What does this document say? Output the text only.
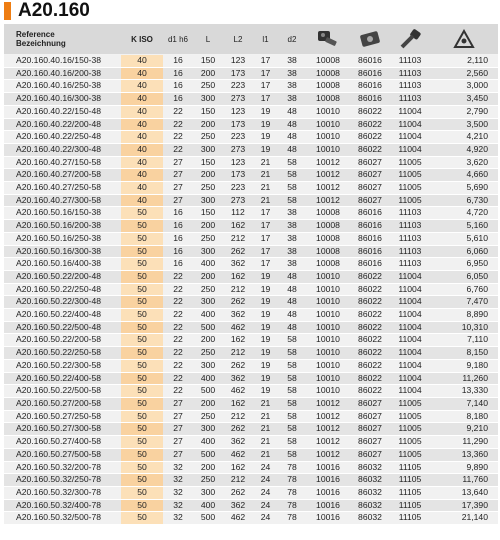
A20.160
Reference
Bezeichnung	K ISO	d1 h6	L	L2	l1	d2				
A20.160.40.16/150-38	40	16	150	123	17	38	10008	86016	11103	2,110
A20.160.40.16/200-38	40	16	200	173	17	38	10008	86016	11103	2,560
A20.160.40.16/250-38	40	16	250	223	17	38	10008	86016	11103	3,000
A20.160.40.16/300-38	40	16	300	273	17	38	10008	86016	11103	3,450
A20.160.40.22/150-48	40	22	150	123	19	48	10010	86022	11004	2,790
A20.160.40.22/200-48	40	22	200	173	19	48	10010	86022	11004	3,500
A20.160.40.22/250-48	40	22	250	223	19	48	10010	86022	11004	4,210
A20.160.40.22/300-48	40	22	300	273	19	48	10010	86022	11004	4,920
A20.160.40.27/150-58	40	27	150	123	21	58	10012	86027	11005	3,620
A20.160.40.27/200-58	40	27	200	173	21	58	10012	86027	11005	4,660
A20.160.40.27/250-58	40	27	250	223	21	58	10012	86027	11005	5,690
A20.160.40.27/300-58	40	27	300	273	21	58	10012	86027	11005	6,730
A20.160.50.16/150-38	50	16	150	112	17	38	10008	86016	11103	4,720
A20.160.50.16/200-38	50	16	200	162	17	38	10008	86016	11103	5,160
A20.160.50.16/250-38	50	16	250	212	17	38	10008	86016	11103	5,610
A20.160.50.16/300-38	50	16	300	262	17	38	10008	86016	11103	6,060
A20.160.50.16/400-38	50	16	400	362	17	38	10008	86016	11103	6,950
A20.160.50.22/200-48	50	22	200	162	19	48	10010	86022	11004	6,050
A20.160.50.22/250-48	50	22	250	212	19	48	10010	86022	11004	6,760
A20.160.50.22/300-48	50	22	300	262	19	48	10010	86022	11004	7,470
A20.160.50.22/400-48	50	22	400	362	19	48	10010	86022	11004	8,890
A20.160.50.22/500-48	50	22	500	462	19	48	10010	86022	11004	10,310
A20.160.50.22/200-58	50	22	200	162	19	58	10010	86022	11004	7,110
A20.160.50.22/250-58	50	22	250	212	19	58	10010	86022	11004	8,150
A20.160.50.22/300-58	50	22	300	262	19	58	10010	86022	11004	9,180
A20.160.50.22/400-58	50	22	400	362	19	58	10010	86022	11004	11,260
A20.160.50.22/500-58	50	22	500	462	19	58	10010	86022	11004	13,330
A20.160.50.27/200-58	50	27	200	162	21	58	10012	86027	11005	7,140
A20.160.50.27/250-58	50	27	250	212	21	58	10012	86027	11005	8,180
A20.160.50.27/300-58	50	27	300	262	21	58	10012	86027	11005	9,210
A20.160.50.27/400-58	50	27	400	362	21	58	10012	86027	11005	11,290
A20.160.50.27/500-58	50	27	500	462	21	58	10012	86027	11005	13,360
A20.160.50.32/200-78	50	32	200	162	24	78	10016	86032	11105	9,890
A20.160.50.32/250-78	50	32	250	212	24	78	10016	86032	11105	11,760
A20.160.50.32/300-78	50	32	300	262	24	78	10016	86032	11105	13,640
A20.160.50.32/400-78	50	32	400	362	24	78	10016	86032	11105	17,390
A20.160.50.32/500-78	50	32	500	462	24	78	10016	86032	11105	21,140
